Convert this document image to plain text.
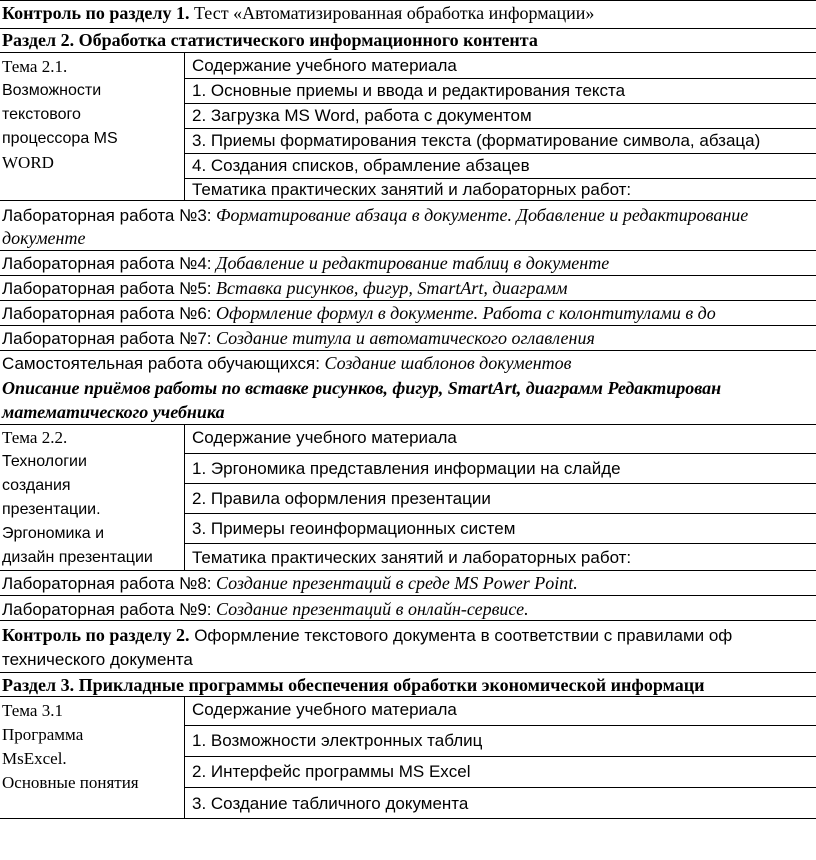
Контроль по разделу 1. Тест «Автоматизированная обработка информации»
Раздел 2. Обработка статистического информационного контента
Тема 2.1.
Возможности
текстового
процессора MS
WORD
Содержание учебного материала
1. Основные приемы и ввода и редактирования текста
2. Загрузка MS Word, работа с документом
3. Приемы форматирования текста (форматирование символа, абзаца)
4. Создания списков, обрамление абзацев
Тематика практических занятий и лабораторных работ:
Лабораторная работа №3: Форматирование абзаца в документе. Добавление и редактирование
документе
Лабораторная работа №4: Добавление и редактирование таблиц в документе
Лабораторная работа №5: Вставка рисунков, фигур, SmartArt, диаграмм
Лабораторная работа №6: Оформление формул в документе. Работа с колонтитулами в до
Лабораторная работа №7: Создание титула и автоматического оглавления
Самостоятельная работа обучающихся: Создание шаблонов документов
Описание приёмов работы по вставке рисунков, фигур, SmartArt, диаграмм Редактирован
математического учебника
Тема 2.2.
Технологии
создания
презентации.
Эргономика и
дизайн презентации
Содержание учебного материала
1. Эргономика представления информации на слайде
2. Правила оформления презентации
3. Примеры геоинформационных систем
Тематика практических занятий и лабораторных работ:
Лабораторная работа №8: Создание презентаций в среде MS Power Point.
Лабораторная работа №9: Создание презентаций в онлайн-сервисе.
Контроль по разделу 2. Оформление текстового документа в соответствии с правилами оф
технического документа
Раздел 3. Прикладные программы обеспечения обработки экономической информаци
Тема 3.1
Программа
MsExcel.
Основные понятия
Содержание учебного материала
1. Возможности электронных таблиц
2. Интерфейс программы MS Excel
3. Создание табличного документа
